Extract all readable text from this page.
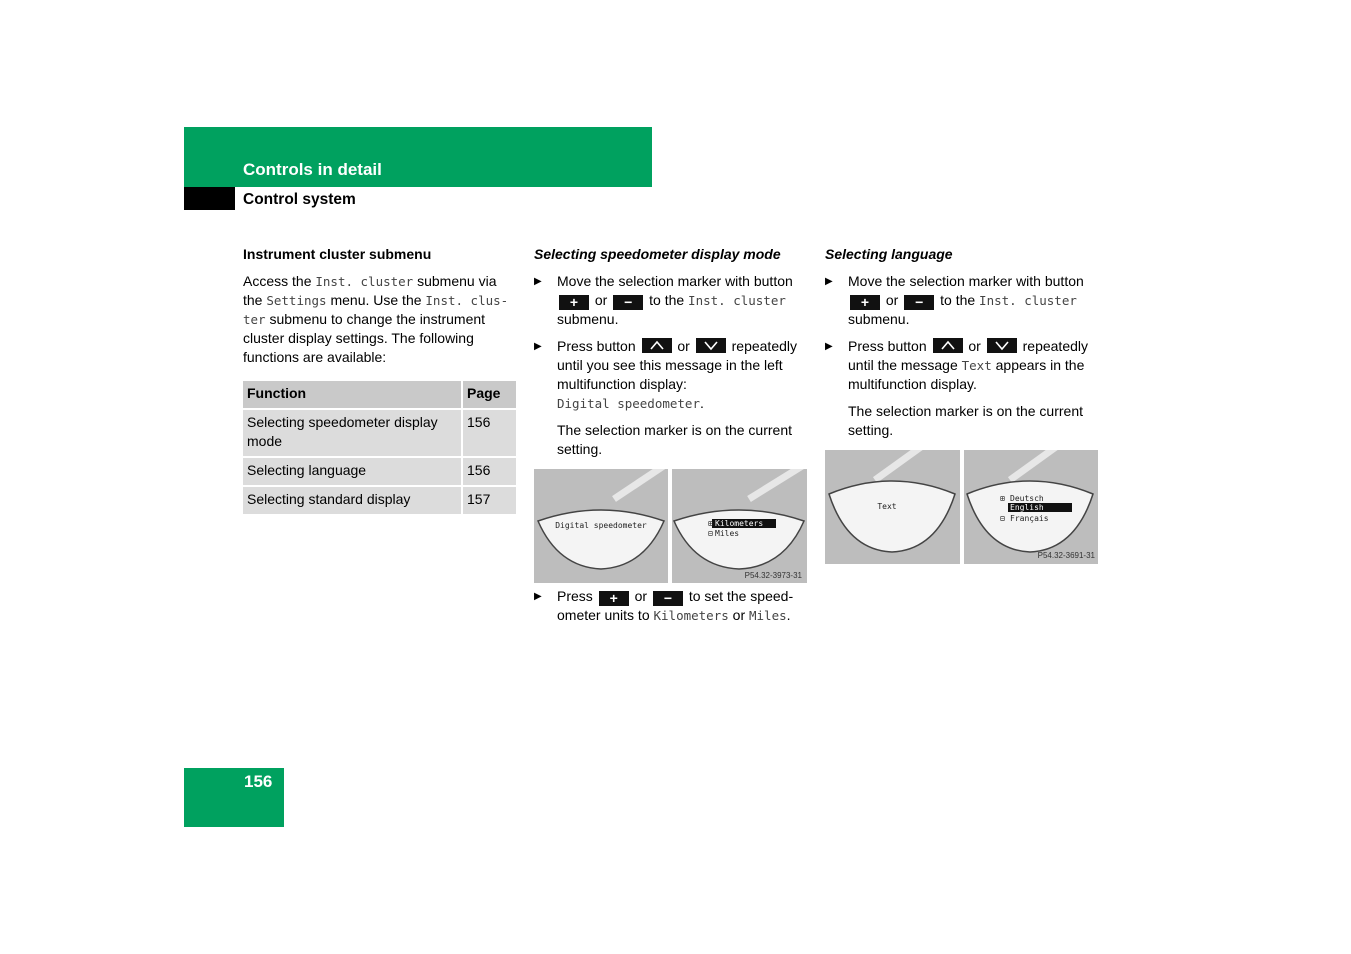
Controls in detail
Control system
Instrument cluster submenu

Access the Inst. cluster submenu via the Settings menu. Use the Inst. clus-
ter submenu to change the instrument cluster display settings. The following functions are available:

Function	Page
Selecting speedometer display mode	156
Selecting language	156
Selecting standard display	157
Selecting speedometer display mode
▶ Move the selection marker with button
+ or − to the Inst. cluster
submenu.
▶ Press button	or	repeatedly until you see this message in the left multifunction display:
Digital speedometer.

The selection marker is on the current setting.

Digital speedometer	⊞ Kilometers
⊟ Miles
P54.32-3973-31
▶ Press + or − to set the speed-ometer units to Kilometers or Miles.
Selecting language
▶ Move the selection marker with button
+ or − to the Inst. cluster
submenu.
▶ Press button	or	repeatedly until the message Text appears in the multifunction display.

The selection marker is on the current setting.

Text
⊞ Deutsch
English
⊟ Français
P54.32-3691-31
156
